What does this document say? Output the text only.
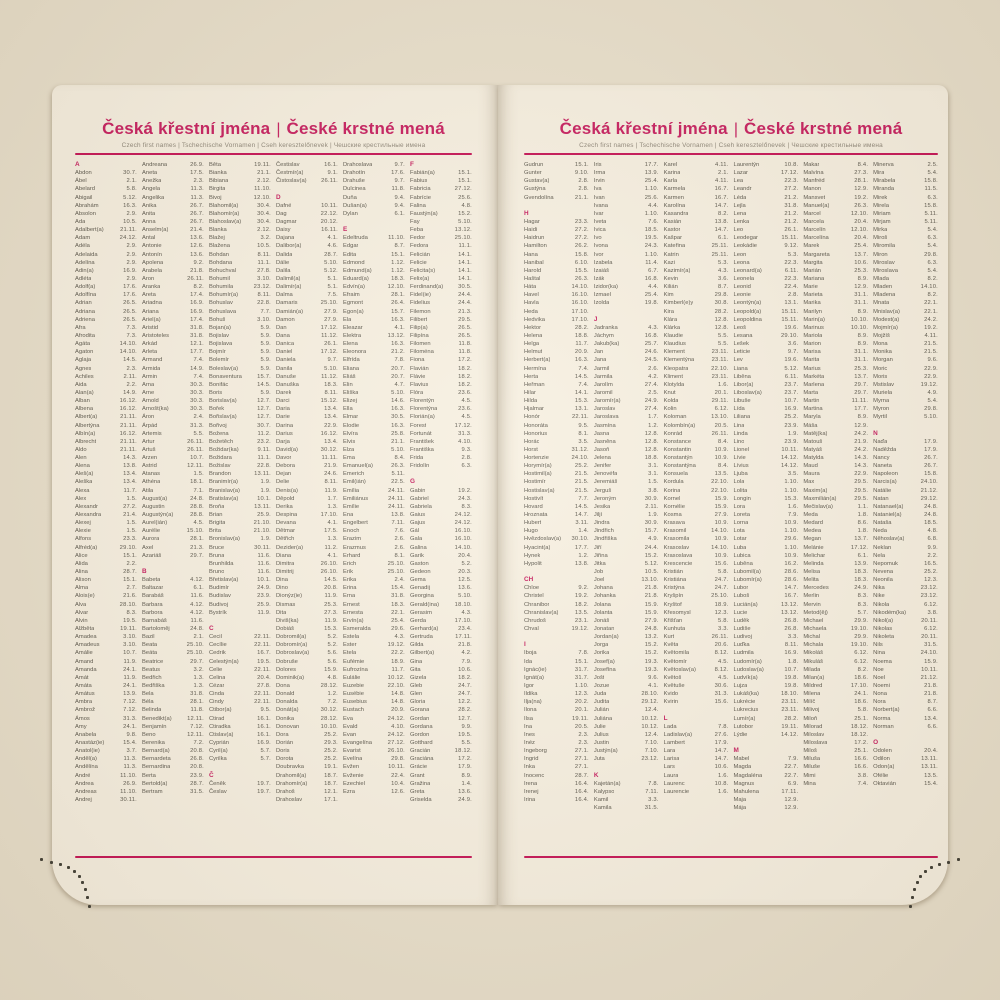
Česká křestní jména | České krstné mená
Czech first names | Tschechische Vornamen | Cseh keresztelőnevek | Чешские крестильные имена
A
Abdon	30.7.
Ábel	2.1.
Abelard	5.8.
Abigail	5.12.
Abrahám	16.3.
Absolon	2.9.
Ada	10.5.
Adalbert(a)	21.11.
Adam	24.12.
Adéla	2.9.
Adelaida	2.9.
Adelína	2.9.
Adin(a)	16.9.
Adléta	2.9.
Adolf(a)	17.6.
Adolfína	17.6.
Adrian	26.5.
Adriana	26.5.
Adriena	26.5.
Afra	7.3.
Afrodita	7.3.
Agáta	14.10.
Agaton	14.10.
Aglaja	14.5.
Agnes	2.3.
Achiles	2.11.
Aida	2.2.
Alan(a)	14.9.
Alban	16.12.
Albena	16.12.
Albert(a)	21.11.
Albertýna	21.11.
Albín(a)	16.12.
Albrecht	21.11.
Aldo	21.11.
Alen	14.3.
Alena	13.8.
Aleš(a)	13.4.
Aleška	13.4.
Alexa	11.7.
Alex	1.5.
Alexandr	27.2.
Alexandra	21.4.
Alexej	1.5.
Alexie	1.5.
Alfons	23.3.
Alfréd(a)	29.10.
Alice	15.1.
Alida	2.2.
Alina	28.7.
Alison	15.1.
Alma	2.7.
Alois(e)	21.6.
Alva	28.10.
Alvar	8.3.
Alvin	19.5.
Alžběta	19.11.
Amadea	3.10.
Amadeus	3.10.
Amálie	10.7.
Amand	11.9.
Amanda	24.1.
Amát	11.9.
Amáta	24.1.
Amátus	13.9.
Ambra	7.12.
Ambrož	7.12.
Ámos	31.3.
Amy	24.1.
Anabela	9.8.
Anastáz(ie)	15.4.
Anatol(ie)	3.7.
Anděl(a)	11.3.
Andělína	11.3.
André	11.10.
Andrea	26.9.
Andreas	11.10.
Andrej	30.11.
Andreana	26.9.
Aneta	17.5.
Anežka	2.3.
Angela	11.3.
Angelika	11.3.
Anika	26.7.
Anita	26.7.
Anna	26.7.
Anselm(a)	21.4.
Antal	13.6.
Antonie	12.6.
Antonín	13.6.
Apolena	9.2.
Arabela	21.8.
Aron	26.11.
Aranka	8.2.
Areta	17.4.
Ariadna	16.9.
Ariana	16.9.
Ariel(a)	17.4.
Aristid	31.8.
Aristoteles	31.8.
Arkád	12.1.
Arleta	17.7.
Armand	7.4.
Armida	14.9.
Armin	7.4.
Arna	30.3.
Arne	30.3.
Arnold	30.3.
Arnošt(ka)	30.3.
Áron	2.4.
Árpád	31.3.
Artemis	5.5.
Artur	26.11.
Artuš	26.11.
Arzen	10.7.
Astrid	12.11.
Atanas	1.5.
Athéna	18.1.
Atila	7.1.
August(a)	24.8.
Augustin	28.8.
Augustýn(a)	28.8.
Aurel(ián)	4.5.
Aurélie	15.10.
Aurora	28.1.
Axel	21.3.
Azariáš	29.7.
B
Babeta	4.12.
Baltazar	6.1.
Barabáš	11.6.
Barbara	4.12.
Barbora	4.12.
Barnabáš	11.6.
Bartoloměj	24.8.
Bazil	2.1.
Beata	25.10.
Beáta	25.10.
Beatrice	29.7.
Beatus	3.2.
Bedřich	1.3.
Bedřiška	1.3.
Bela	31.8.
Béla	28.1.
Belinda	11.8.
Benedikt(a)	12.11.
Benjamín	7.12.
Beno	12.11.
Berenika	7.2.
Bernard(a)	20.8.
Bernardeta	26.8.
Bernardina	20.8.
Berta	23.9.
Bertold(a)	28.7.
Bertram	31.5.
Běta	19.11.
Bianka	21.1.
Bibiana	2.12.
Birgita	11.10.
Bivoj	12.10.
Blahomil(a)	30.4.
Blahomír(a)	30.4.
Blahoslav(a)	30.4.
Blanka	2.12.
Blažej	3.2.
Blažena	10.5.
Bohdan	8.11.
Bohdana	11.1.
Bohuchval	27.8.
Bohumil	3.10.
Bohumila	23.12.
Bohumír(a)	8.11.
Bohuslav	22.8.
Bohuslava	7.7.
Bohuš	3.10.
Bojan(a)	5.9.
Bojislav	5.9.
Bojislava	5.9.
Bojmír	5.9.
Bolemír	5.9.
Boleslav(a)	5.9.
Bonaventura	15.7.
Bonifác	14.5.
Boris	5.9.
Borislav(a)	12.7.
Bořek	12.7.
Bořislav(a)	12.7.
Bořivoj	30.7.
Božena	11.2.
Božetěch	23.2.
Božidar(ka)	9.11.
Božidara	11.1.
Božislav	22.8.
Brandon	13.11.
Branimír(a)	1.9.
Branislav(a)	1.9.
Bratislav(a)	10.1.
Broňa	13.11.
Brian	25.9.
Brigita	21.10.
Brita	21.10.
Bronislav(a)	1.9.
Bruce	30.11.
Bruna	11.6.
Brunhilda	11.6.
Bruno	11.6.
Břetislav(a)	10.1.
Budimír	24.9.
Budislav	23.9.
Budivoj	25.9.
Bystrík	11.9.
C
Cecil	22.11.
Cecílie	22.11.
Cedrik	16.7.
Celestýn(a)	19.5.
Celie	22.11.
Celina	20.4.
Cézar	27.8.
Cinda	22.11.
Cindy	22.11.
Ctibor(a)	9.5.
Ctirad	16.1.
Ctiradka	16.1.
Ctislav(a)	16.1.
Cyprián	16.9.
Cyril(a)	5.7.
Cyrilka	5.7.
Č
Čeněk	19.7.
Česlav	19.7.
Čestislav	16.1.
Čestmír(a)	9.1.
Čistoslav(a)	26.11.
D
Dafné	10.11.
Dag	22.12.
Dagmar	20.12.
Daisy	16.11.
Dajana	4.1.
Dalibor(a)	4.6.
Dalida	28.7.
Dálie	5.10.
Dalila	5.12.
Dalimil(a)	5.1.
Dalimír(a)	5.1.
Dalma	7.5.
Damaris	25.10.
Damián(a)	27.9.
Damon	27.9.
Dan	17.12.
Dana	11.12.
Danica	26.1.
Daniel	17.12.
Daniela	9.7.
Danila	5.10.
Danuše	11.12.
Danuška	18.3.
Darek	8.11.
Darci	15.12.
Daria	13.4.
Darie	13.4.
Darina	22.9.
Darius	16.12.
Darja	13.4.
David(a)	30.12.
Davor	11.11.
Debora	21.9.
Dejan	24.6.
Delie	8.11.
Denis(a)	11.9.
Děpold	1.7.
Derika	1.3.
Despina	17.10.
Devana	4.1.
Dětmar	17.5.
Dětřich	1.3.
Dezider(a)	11.2.
Diana	4.1.
Dimitra	26.10.
Dimitrij	26.10.
Dina	14.5.
Dino	20.8.
Dionýz(ie)	11.9.
Dismas	25.3.
Dita	27.3.
Diviš(ka)	11.9.
Dobiáš	15.3.
Dobromil(a)	5.2.
Dobromír(a)	5.2.
Dobroslav(a)	5.6.
Dobruše	5.6.
Dolores	15.9.
Dominik(a)	4.8.
Dona	28.12.
Donald	1.2.
Donalda	7.2.
Donát(a)	30.12.
Donika	28.12.
Donovan	10.10.
Dora	25.2.
Dorián	29.3.
Doris	25.2.
Dorota	25.2.
Doubravka	19.1.
Drahomil(a)	18.7.
Drahomír(a)	18.7.
Drahoš	12.1.
Drahoslav	17.1.
Drahoslava	9.7.
Drahotín	17.6.
Drahuše	9.7.
Dulcinea	11.8.
Duňa	9.4.
Dušan(a)	9.4.
Dylan	6.1.
E
Edeltruda	11.10.
Edgar	8.7.
Edita	15.1.
Edmond	1.12.
Edmund(a)	1.12.
Eduard(a)	18.3.
Edvín(a)	12.10.
Efraim	28.1.
Egmont	26.4.
Egon(a)	15.7.
Ela	16.3.
Eleazar	4.1.
Elektra	13.12.
Elena	16.3.
Eleonora	21.2.
Elfrída	7.8.
Eliana	20.7.
Eliáš	20.7.
Elin	4.7.
Eliška	5.10.
Elizej	14.6.
Ella	16.3.
Elmar	30.5.
Elodie	16.3.
Elvíra	25.8.
Elvis	21.1.
Elza	5.10.
Ema	8.4.
Emanuel(a)	26.3.
Emerich	5.11.
Emil(ián)	22.5.
Emília	24.11.
Emiliánus	24.11.
Emílie	24.11.
Ena	13.8.
Engelbert	7.11.
Enoch	7.6.
Erazim	2.6.
Erazmus	2.6.
Erhard	8.1.
Erich	25.10.
Erik	25.10.
Erika	2.4.
Erina	15.4.
Erna	31.8.
Ernest	18.3.
Ernesta	22.1.
Ervín(a)	25.4.
Esmeralda	29.6.
Estela	4.3.
Ester	19.12.
Etela	22.2.
Eufémie	18.9.
Eufrozína	11.7.
Eulálie	10.12.
Euzebie	22.10.
Eusébie	14.8.
Eusebius	14.8.
Eustach	20.9.
Eva	24.12.
Evald	4.10.
Evan	24.12.
Evangelína	27.12.
Evarist	26.10.
Evelína	29.8.
Evžen	10.11.
Evženie	22.4.
Ezechiel	10.4.
Ezra	12.6.
F
Fabián(a)	15.1.
Fabius	15.1.
Fabricia	27.12.
Fabrície	25.6.
Falina	4.8.
Faustýn(a)	15.2.
Fay	5.10.
Feba	13.12.
Fedor	25.10.
Fedora	11.1.
Felicián	14.1.
Felicie	14.1.
Felicita(s)	14.1.
Felix(a)	14.1.
Ferdinand(a)	30.5.
Fidel(ie)	24.4.
Fidelius	24.4.
Filemon	21.3.
Filibert	29.5.
Filip(a)	26.5.
Filipína	26.5.
Filomen	11.8.
Filoména	11.8.
Fiona	17.2.
Flavián	18.2.
Flávie	18.2.
Flavius	18.2.
Flóra	23.6.
Florentýn	4.5.
Florentýna	23.6.
Florián(a)	4.5.
Forest	17.12.
Fortunát	31.3.
František	4.10.
Františka	9.3.
Frida	2.8.
Fridolín	6.3.
G
Gabin	19.2.
Gabriel	24.3.
Gabriela	8.3.
Gaius	24.12.
Gajus	24.12.
Gál	16.10.
Gala	16.10.
Galina	14.10.
Garik	20.4.
Gaston	5.2.
Gedeon	20.3.
Gema	12.5.
Genadij	13.6.
Georgina	5.10.
Gerald(ina)	18.10.
Gerasim	4.3.
Gerda	17.10.
Gerhard(a)	23.4.
Gertruda	17.11.
Gilda	21.8.
Gilbert(a)	4.2.
Gina	7.9.
Gita	10.6.
Gizela	18.2.
Gleb	24.7.
Glen	24.7.
Gloria	12.2.
Gorana	28.2.
Gordan	12.7.
Gordana	9.9.
Gordon	19.5.
Gotthard	5.5.
Gracián	18.12.
Graciána	17.2.
Grácie	17.9.
Grant	8.9.
Gražina	1.4.
Greta	13.6.
Griselda	24.9.
Česká křestní jména | České krstné mená
Czech first names | Tschechische Vornamen | Cseh keresztelőnevek | Чешские крестильные имена
Gudrun	15.1.
Gunter	9.10.
Gustav(a)	2.8.
Gustýna	2.8.
Gvendolína	21.1.
H
Hagar	23.3.
Haidi	27.2.
Haidrun	27.2.
Hamilton	26.2.
Hana	15.8.
Hanibal	6.10.
Harold	15.5.
Haštal	26.3.
Háta	14.10.
Havel	16.10.
Havla	16.10.
Heda	17.10.
Hedvika	17.10.
Hektor	28.2.
Helena	18.8.
Helga	11.7.
Helmut	20.9.
Herbert(a)	16.3.
Hermína	7.4.
Herta	14.5.
Heřman	7.4.
Hilar	14.1.
Hilda	15.3.
Hjalmar	13.1.
Honór	22.11.
Honoráta	9.5.
Honorius	8.1.
Horác	3.5.
Horst	31.12.
Hortenzie	24.10.
Horymír(a)	25.2.
Hostimil(a)	21.5.
Hostimír	21.5.
Hostislav(a)	21.5.
Hostivít	7.7.
Hovard	14.5.
Hroznata	14.7.
Hubert	3.11.
Hugo	1.4.
Hvězdoslav(a)	30.10.
Hyacint(a)	17.7.
Hynek	1.2.
Hypolit	13.8.
CH
Chloe	9.2.
Christel	19.2.
Chranibor	18.2.
Chranislav(a)	13.5.
Chrudoš	23.1.
Chval	19.12.
I
Iboja	7.8.
Ida	15.1.
Ignác(ie)	31.7.
Ignát(a)	31.7.
Igor	1.10.
Ildika	12.3.
Ilja(na)	20.2.
Ilona	20.1.
Ilsa	19.11.
Ina	20.5.
Ines	2.3.
Inéz	2.3.
Ingeborg	27.1.
Ingrid	27.1.
Inka	27.1.
Inocenc	28.7.
Irena	16.4.
Irenej	16.4.
Irina	16.4.
Iris	17.7.
Irma	13.9.
Irvin	25.4.
Iva	1.10.
Ivan	25.6.
Ivana	4.4.
Ivar	1.10.
Iveta	7.6.
Ivica	18.5.
Ivo	19.5.
Ivona	24.3.
Ivor	1.10.
Izabela	11.4.
Izaiáš	6.7.
Izák	16.8.
Izidor(ka)	4.4.
Izmael	25.4.
Izolda	19.8.
J
Jadranka	4.3.
Jáchym	16.8.
Jakub(ka)	25.7.
Jan	24.6.
Jana	24.5.
Jarmil	2.6.
Jarmila	4.2.
Jarolím	27.4.
Jaromil	2.5.
Jaromír(a)	24.9.
Jaroslav	27.4.
Jaroslava	1.7.
Jasmína	1.2.
Jasna	12.8.
Jasněna	12.8.
Jasoň	12.8.
Jelena	18.8.
Jenifer	3.1.
Jenovéfa	3.1.
Jeremiáš	1.5.
Jerguš	3.8.
Jeroným	30.9.
Jesika	2.11.
Jiljí	1.9.
Jindra	30.9.
Jindřich	15.7.
Jindřiška	4.9.
Jiří	24.4.
Jiřina	15.2.
Jitka	5.12.
Job	10.5.
Joel	13.10.
Johana	21.8.
Johanka	21.8.
Jolana	15.9.
Jolanta	15.9.
Jonáš	27.9.
Jonatan	24.8.
Jordan(a)	13.2.
Jorga	15.2.
Jorika	15.2.
Josef(a)	19.3.
Josefína	19.3.
Jošt	9.6.
Jozue	4.1.
Juda	28.10.
Judita	29.12.
Julián	12.4.
Juliána	10.12.
Julie	10.12.
Julius	12.4.
Justin	7.10.
Justýn(a)	7.10.
Juta	23.12.
K
Kajetán(a)	7.8.
Kalypso	7.11.
Kamil	3.3.
Kamila	31.5.
Karel	4.11.
Karina	2.1.
Karla	4.11.
Karmela	16.7.
Karmen	16.7.
Karolína	14.7.
Kasandra	8.2.
Kasián	13.8.
Kastor	14.7.
Kašpar	6.1.
Kateřina	25.11.
Katrin	25.11.
Kazi	5.3.
Kazimír(a)	4.3.
Kevin	3.6.
Kilián	8.7.
Kim	29.8.
Kimberl(e)y	30.8.
Kira	28.2.
Klára	12.8.
Klárka	12.8.
Klaudie	5.5.
Klaudius	5.5.
Klement	23.11.
Klementýna	23.11.
Kleopatra	22.10.
Kliment	23.11.
Klotylda	1.6.
Knut	20.1.
Kolda	29.11.
Kolin	6.12.
Koloman	13.10.
Kolombín(a)	20.5.
Konrád	26.11.
Konstance	8.4.
Konstantin	10.9.
Konstantýn	10.9.
Konstantýna	8.4.
Konsuela	13.5.
Kordula	22.10.
Korina	22.10.
Kornel	15.9.
Kornélie	15.9.
Kosma	27.9.
Krasava	10.9.
Krasomil	14.10.
Krasomila	10.9.
Krasoslav	14.10.
Krasoslava	10.9.
Krescencie	15.6.
Kristián	5.8.
Kristiána	24.7.
Kristýna	24.7.
Kryšpín	25.10.
Kryštof	18.9.
Křesomysl	12.3.
Křišťan	5.8.
Kunhuta	3.3.
Kurt	26.11.
Květa	20.6.
Květomila	8.12.
Květomír	4.5.
Květoslav(a)	8.12.
Květoš	4.5.
Květuše	30.6.
Kvido	31.3.
Kvirin	15.6.
L
Lada	7.8.
Ladislav(a)	27.6.
Lambert	17.9.
Lara	14.7.
Larisa	14.7.
Lars	10.6.
Laura	1.6.
Laurenc	10.8.
Laurencie	1.6.
Laurentýn	10.8.
Lazar	17.12.
Lea	22.3.
Leandr	27.2.
Léda	21.2.
Lejla	31.8.
Lena	21.2.
Lenka	21.2.
Leo	26.1.
Leodegar	15.11.
Leokádie	9.12.
Leon	5.3.
Leona	22.3.
Leonard(a)	6.11.
Leonela	22.3.
Leonid	22.4.
Leonie	2.8.
Leontýn(a)	13.1.
Leopold(a)	15.11.
Leopoldina	15.11.
Leoš	19.6.
Lesana	29.10.
Lešek	3.6.
Leticie	9.7.
Lev	19.6.
Liana	5.12.
Liběna	6.11.
Libor(a)	23.7.
Liboslav(a)	23.7.
Libuše	10.7.
Lída	16.9.
Liliana	25.2.
Lina	23.9.
Linda	1.9.
Lino	23.9.
Lionel	10.11.
Lívie	14.12.
Lívius	14.12.
Ljuba	3.5.
Lola	1.10.
Lolita	1.10.
Longin	15.3.
Lora	1.6.
Loreta	7.9.
Lorna	10.9.
Lota	1.10.
Lotar	29.6.
Luba	1.10.
Lubica	10.9.
Luběna	16.2.
Lubomil(a)	28.6.
Lubomír(a)	28.6.
Lubor	14.7.
Luboš	16.7.
Lucián(a)	13.12.
Lucie	13.12.
Luděk	26.8.
Ludiše	26.8.
Ludivoj	3.3.
Luďka	8.11.
Ludmila	16.9.
Ludomír(a)	1.8.
Ludoslav(a)	10.7.
Ludvík(a)	19.8.
Lujza	19.8.
Lukáš(ka)	18.10.
Lukrécie	23.11.
Lukrecius	23.11.
Lumír(a)	28.2.
Lutobor	19.11.
Lýdie	14.12.
M
Mabel	7.9.
Magda	22.7.
Magdaléna	22.7.
Magnus	6.9.
Mahulena	17.11.
Maja	12.9.
Mája	12.9.
Makar	8.4.
Malvína	27.3.
Manfréd	28.1.
Manon	12.9.
Mansvet	19.2.
Manuel(a)	26.3.
Marcel	12.10.
Marcela	20.4.
Marcelín	12.10.
Marcelína	20.4.
Marek	25.4.
Margareta	13.7.
Margita	10.6.
Marián	25.3.
Mariana	8.9.
Marie	12.9.
Marieta	31.1.
Marika	31.1.
Marilyn	8.9.
Marin(a)	10.10.
Marinus	10.10.
Mariola	8.9.
Marion	8.9.
Marisa	31.1.
Marita	31.1.
Marius	25.3.
Markéta	13.7.
Marlena	29.7.
Marta	29.7.
Martin	11.11.
Martina	17.7.
Maryla	8.9.
Máša	12.9.
Matěj(ka)	24.2.
Matouš	21.9.
Matyáš	24.2.
Matylda	14.3.
Maud	14.3.
Maura	22.9.
Max	29.5.
Maxim(a)	29.5.
Maxmilián(a)	29.5.
Mečislav(a)	1.1.
Meda	1.8.
Medard	8.6.
Medea	1.8.
Megan	13.7.
Melánie	17.12.
Melichar	6.1.
Melinda	13.9.
Melisa	18.3.
Melita	18.3.
Mercedes	24.9.
Merlin	8.3.
Mervin	8.3.
Metod(ěj)	5.7.
Michael	29.9.
Michaela	19.10.
Michal	29.9.
Michala	19.10.
Mikoláš	6.12.
Mikuláš	6.12.
Milada	8.2.
Milan(a)	18.6.
Mildred	17.10.
Milena	24.1.
Milíč	18.6.
Milivoj	5.8.
Miloň	25.1.
Milorad	18.12.
Miloslav	18.12.
Miloslava	17.2.
Miloš	25.1.
Miluša	16.6.
Miluše	16.6.
Mimi	3.8.
Mina	7.4.
Minerva	2.5.
Mira	5.4.
Mirabela	15.8.
Miranda	11.5.
Mirek	6.3.
Mirela	15.8.
Miriam	5.11.
Mirjam	5.11.
Mirka	5.4.
Miroš	6.3.
Miromila	5.4.
Miron	29.8.
Miroslav	6.3.
Miroslava	5.4.
Mlada	8.2.
Mladen	14.10.
Mladena	8.2.
Mnata	22.1.
Mnislav(a)	22.1.
Modest(a)	24.2.
Mojmír(a)	19.2.
Mojžíš	4.11.
Mona	21.5.
Monika	21.5.
Morgan	9.6.
Moric	22.9.
Moris	22.9.
Mstislav	19.12.
Muriela	4.9.
Myrna	5.4.
Myron	29.8.
Myrtil	5.10.
N
Naďa	17.9.
Naděžda	17.9.
Nancy	26.7.
Naneta	26.7.
Napoleon	15.8.
Narcis(a)	24.10.
Natálie	21.12.
Natan	29.12.
Natanael(a)	24.8.
Nataniel(a)	24.8.
Nataša	18.5.
Neda	4.8.
Něhoslav(a)	6.8.
Neklan	9.9.
Nela	2.2.
Nepomuk	16.5.
Nevena	25.2.
Neonila	12.3.
Nika	23.12.
Nike	23.12.
Nikola	6.12.
Nikodém(ka)	3.8.
Nikol(a)	20.11.
Nikolas	6.12.
Nikoleta	20.11.
Nils	31.5.
Nina	24.10.
Noema	15.9.
Noe	10.11.
Noel	21.12.
Noemi	21.8.
Nona	21.8.
Nora	8.7.
Norbert(a)	6.6.
Norma	13.4.
Norman	6.6.
O
Odolen	20.4.
Odilon	13.11.
Odon(a)	13.11.
Ofélie	13.5.
Oktavián	15.4.
